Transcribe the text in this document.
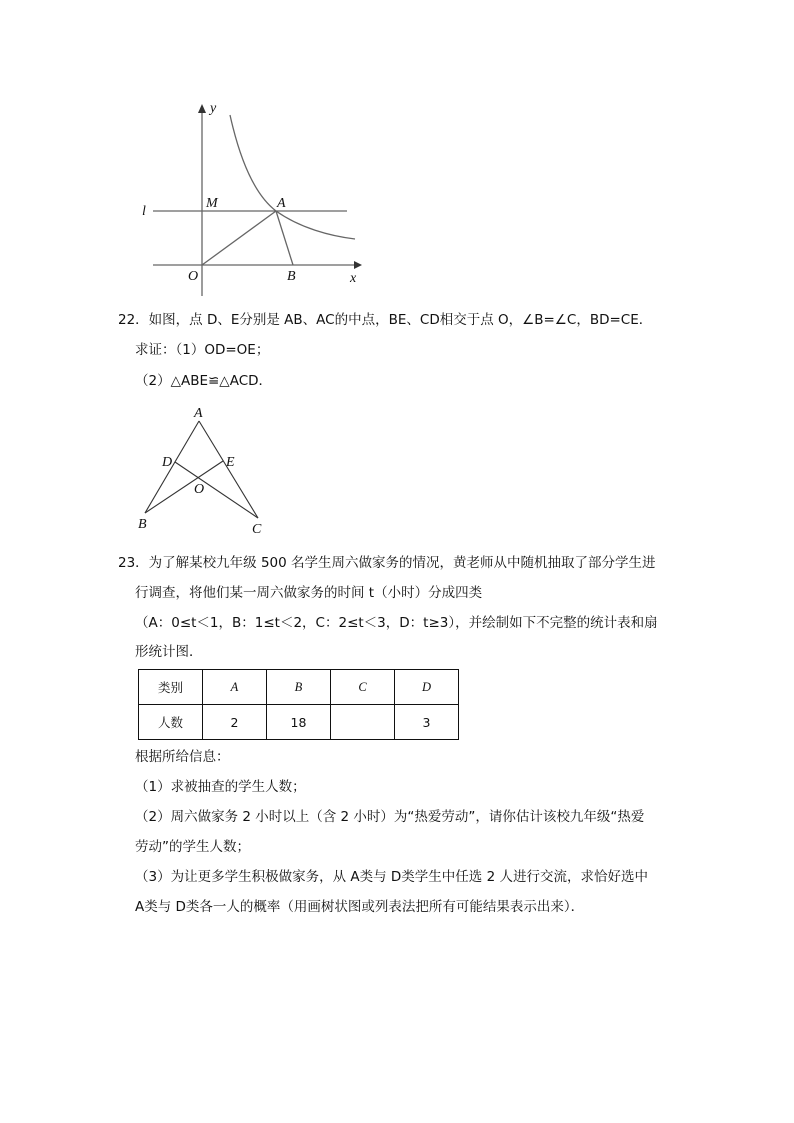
y
x
l
M	A
O	B
22．如图，点 D、E分别是 AB、AC的中点，BE、CD相交于点 O，∠B=∠C，BD=CE．
求证：（1）OD=OE；
（2）△ABE≌△ACD．
A
B	C
D	E
O
23．为了解某校九年级 500 名学生周六做家务的情况，黄老师从中随机抽取了部分学生进
行调查，将他们某一周六做家务的时间 t（小时）分成四类
（A：0≤t＜1，B：1≤t＜2，C：2≤t＜3，D：t≥3），并绘制如下不完整的统计表和扇
形统计图．
类别	A	B	C	D
人数	2	18		3
根据所给信息：
（1）求被抽查的学生人数；
（2）周六做家务 2 小时以上（含 2 小时）为“热爱劳动”，请你估计该校九年级“热爱
劳动”的学生人数；
（3）为让更多学生积极做家务，从 A类与 D类学生中任选 2 人进行交流，求恰好选中
A类与 D类各一人的概率（用画树状图或列表法把所有可能结果表示出来）．
